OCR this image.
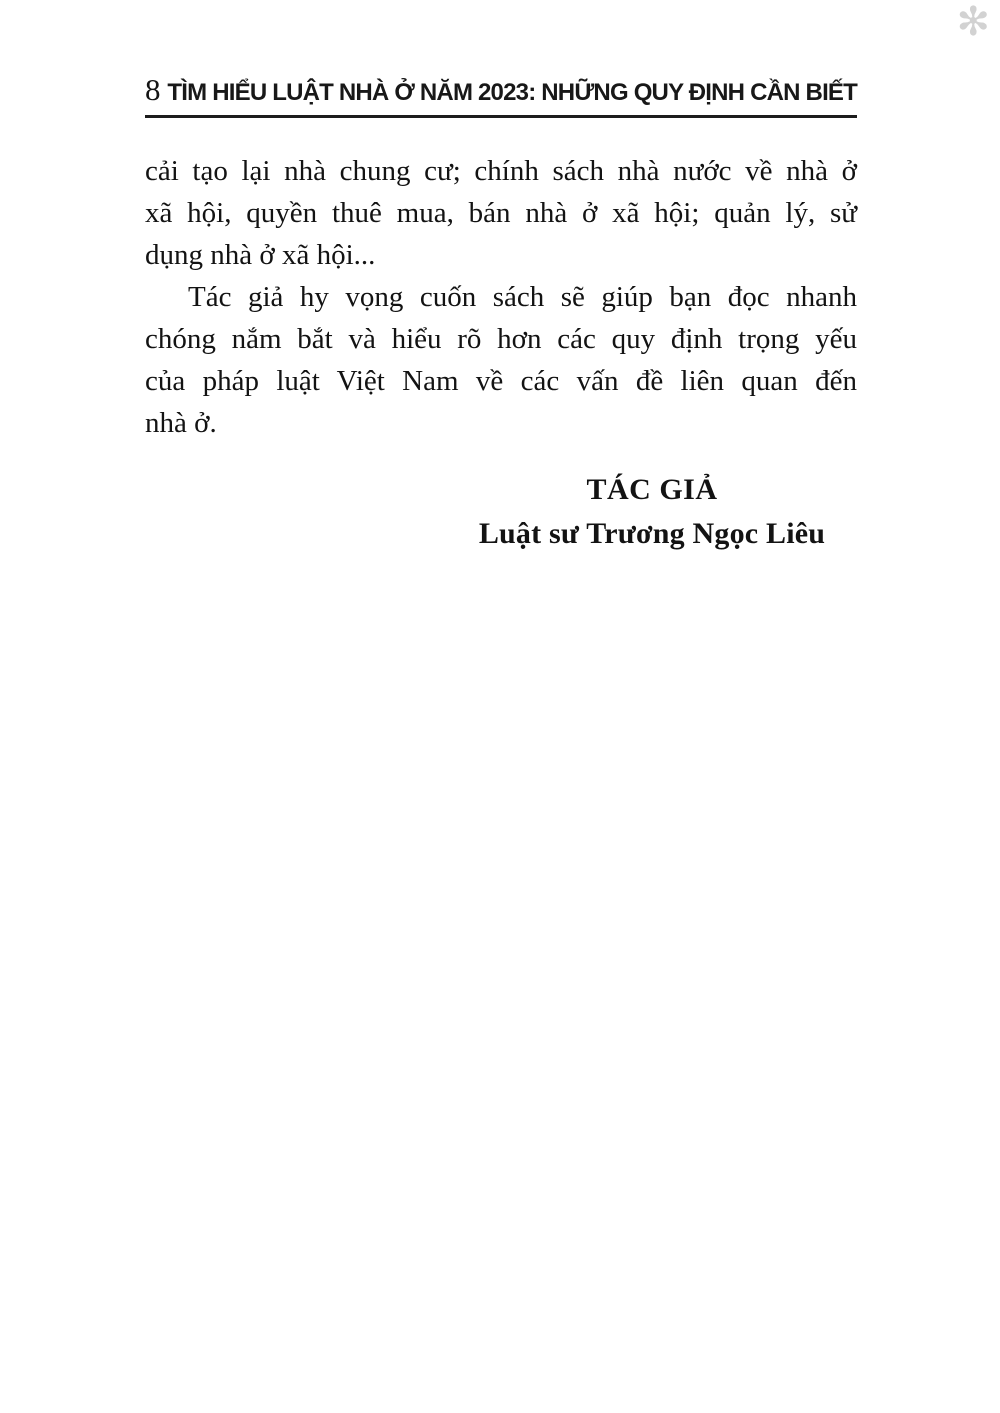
✻
8 TÌM HIỂU LUẬT NHÀ Ở NĂM 2023: NHỮNG QUY ĐỊNH CẦN BIẾT

cải tạo lại nhà chung cư; chính sách nhà nước về nhà ở
xã hội, quyền thuê mua, bán nhà ở xã hội; quản lý, sử
dụng nhà ở xã hội...

Tác giả hy vọng cuốn sách sẽ giúp bạn đọc nhanh
chóng nắm bắt và hiểu rõ hơn các quy định trọng yếu
của pháp luật Việt Nam về các vấn đề liên quan đến
nhà ở.

TÁC GIẢ
Luật sư Trương Ngọc Liêu
